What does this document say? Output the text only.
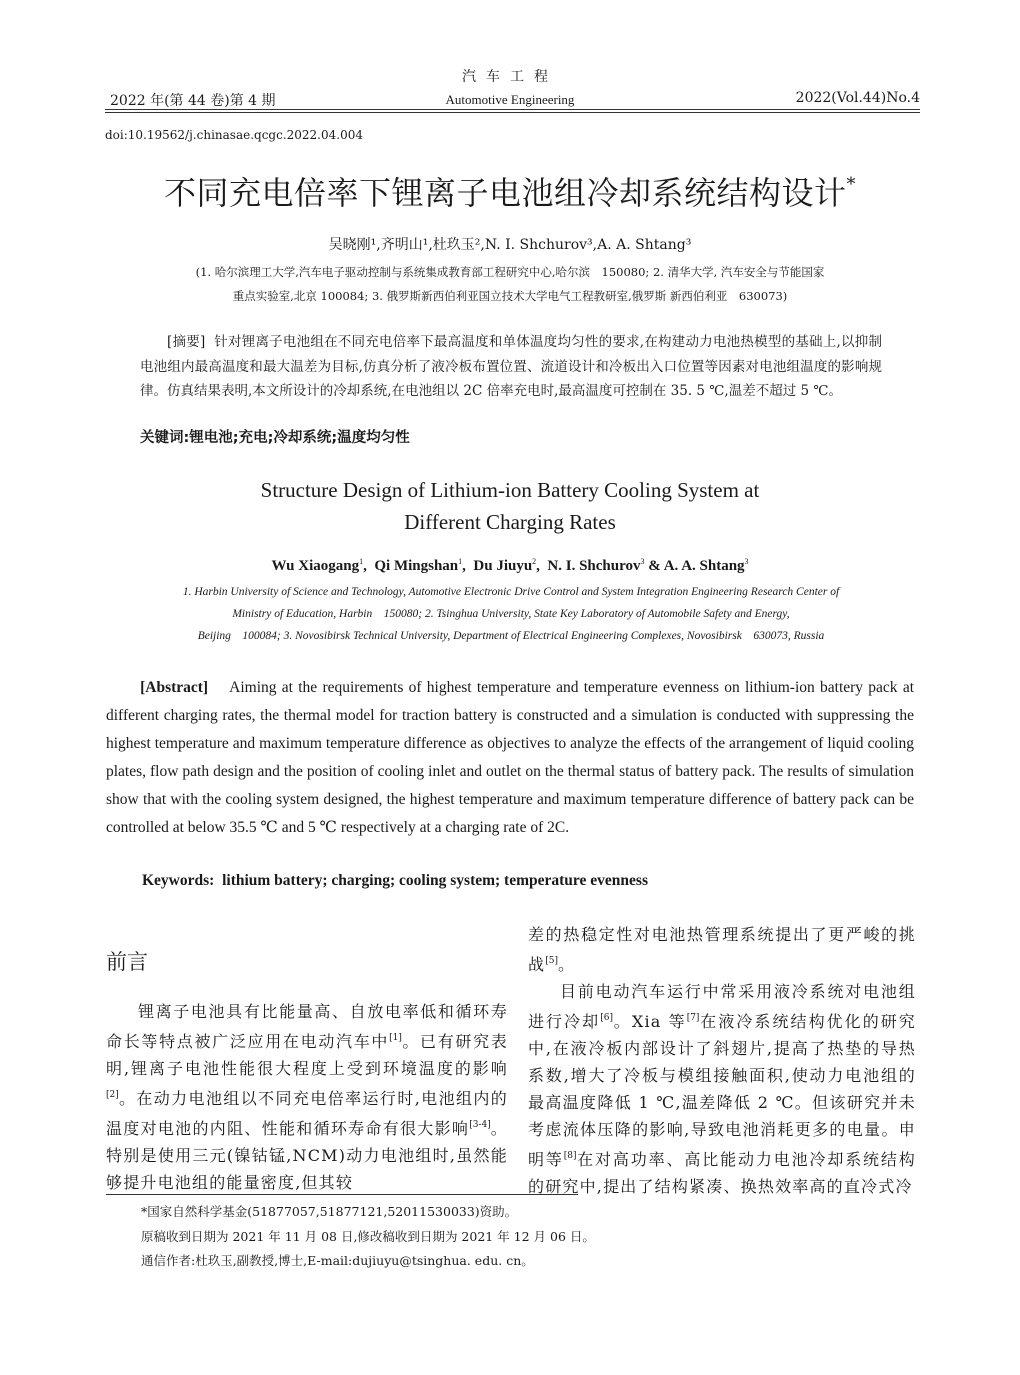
汽车工程
2022 年(第 44 卷)第 4 期	Automotive Engineering	2022(Vol.44)No.4
doi:10.19562/j.chinasae.qcgc.2022.04.004
不同充电倍率下锂离子电池组冷却系统结构设计*
吴晓刚¹,齐明山¹,杜玖玉²,N. I. Shchurov³,A. A. Shtang³
(1. 哈尔滨理工大学,汽车电子驱动控制与系统集成教育部工程研究中心,哈尔滨　150080; 2. 清华大学, 汽车安全与节能国家
重点实验室,北京 100084; 3. 俄罗斯新西伯利亚国立技术大学电气工程教研室,俄罗斯 新西伯利亚　630073)
[摘要] 针对锂离子电池组在不同充电倍率下最高温度和单体温度均匀性的要求,在构建动力电池热模型的基础上,以抑制电池组内最高温度和最大温差为目标,仿真分析了液冷板布置位置、流道设计和冷板出入口位置等因素对电池组温度的影响规律。仿真结果表明,本文所设计的冷却系统,在电池组以 2C 倍率充电时,最高温度可控制在 35. 5 ℃,温差不超过 5 ℃。
关键词:锂电池;充电;冷却系统;温度均匀性
Structure Design of Lithium-ion Battery Cooling System at
Different Charging Rates
Wu Xiaogang$^1$,  Qi Mingshan$^1$,  Du Jiuyu$^2$,  N. I. Shchurov$^3$ & A. A. Shtang$^3$
1. Harbin University of Science and Technology, Automotive Electronic Drive Control and System Integration Engineering Research Center of
Ministry of Education, Harbin　150080; 2. Tsinghua University, State Key Laboratory of Automobile Safety and Energy,
Beijing　100084; 3. Novosibirsk Technical University, Department of Electrical Engineering Complexes, Novosibirsk　630073, Russia
[Abstract] Aiming at the requirements of highest temperature and temperature evenness on lithium-ion battery pack at different charging rates, the thermal model for traction battery is constructed and a simulation is conducted with suppressing the highest temperature and maximum temperature difference as objectives to analyze the effects of the arrangement of liquid cooling plates, flow path design and the position of cooling inlet and outlet on the thermal status of battery pack. The results of simulation show that with the cooling system designed, the highest temperature and maximum temperature difference of battery pack can be controlled at below 35.5 ℃ and 5 ℃ respectively at a charging rate of 2C.
Keywords: lithium battery; charging; cooling system; temperature evenness
前言

锂离子电池具有比能量高、自放电率低和循环寿命长等特点被广泛应用在电动汽车中[1]。已有研究表明,锂离子电池性能很大程度上受到环境温度的影响[2]。在动力电池组以不同充电倍率运行时,电池组内的温度对电池的内阻、性能和循环寿命有很大影响[3-4]。特别是使用三元(镍钴锰,NCM)动力电池组时,虽然能够提升电池组的能量密度,但其较

差的热稳定性对电池热管理系统提出了更严峻的挑战[5]。

目前电动汽车运行中常采用液冷系统对电池组进行冷却[6]。Xia 等[7]在液冷系统结构优化的研究中,在液冷板内部设计了斜翅片,提高了热垫的导热系数,增大了冷板与模组接触面积,使动力电池组的最高温度降低 1 ℃,温差降低 2 ℃。但该研究并未考虑流体压降的影响,导致电池消耗更多的电量。申明等[8]在对高功率、高比能动力电池冷却系统结构的研究中,提出了结构紧凑、换热效率高的直冷式冷

*国家自然科学基金(51877057,51877121,52011530033)资助。
原稿收到日期为 2021 年 11 月 08 日,修改稿收到日期为 2021 年 12 月 06 日。
通信作者:杜玖玉,副教授,博士,E-mail:dujiuyu@tsinghua. edu. cn。
